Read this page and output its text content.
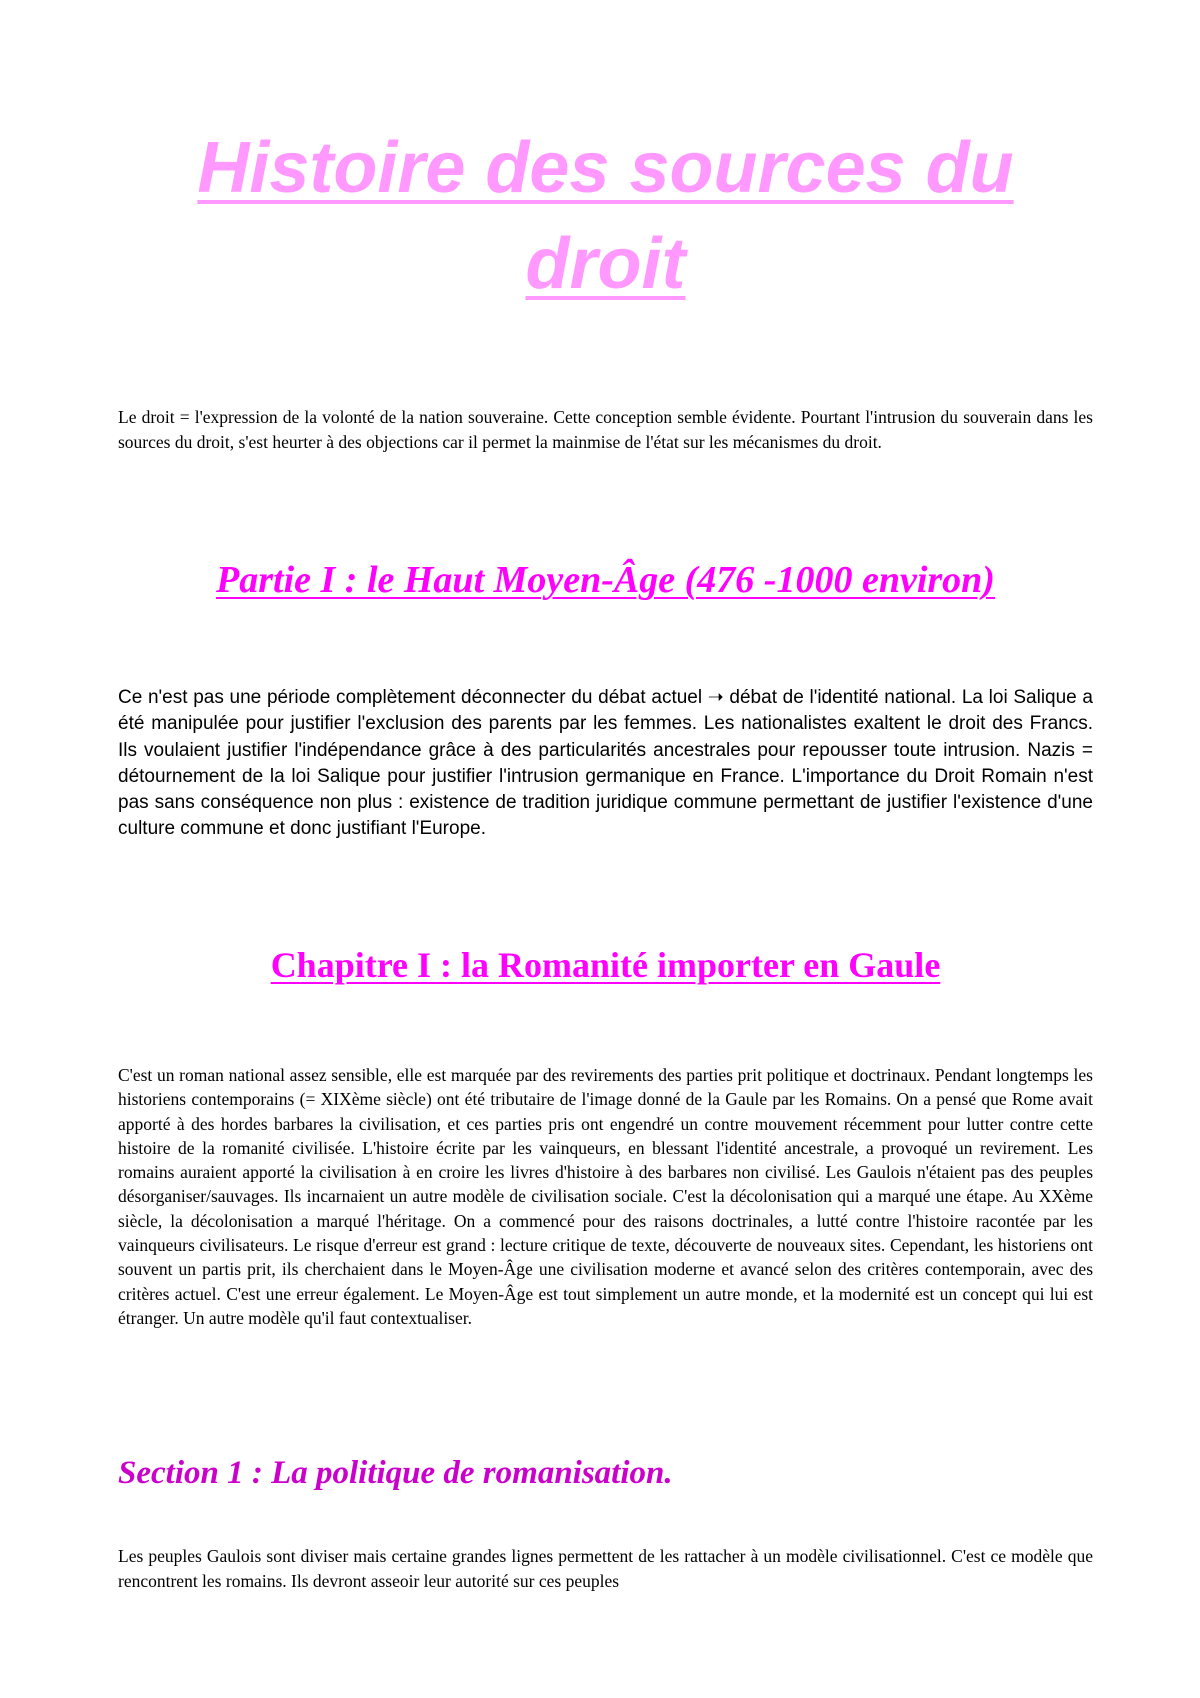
Histoire des sources du
droit

Le droit = l'expression de la volonté de la nation souveraine. Cette conception semble évidente. Pourtant l'intrusion du souverain dans les sources du droit, s'est heurter à des objections car il permet la mainmise de l'état sur les mécanismes du droit.

Partie I : le Haut Moyen-Âge (476 -1000 environ)

Ce n'est pas une période complètement déconnecter du débat actuel ➝ débat de l'identité national. La loi Salique a été manipulée pour justifier l'exclusion des parents par les femmes. Les nationalistes exaltent le droit des Francs. Ils voulaient justifier l'indépendance grâce à des particularités ancestrales pour repousser toute intrusion. Nazis = détournement de la loi Salique pour justifier l'intrusion germanique en France. L'importance du Droit Romain n'est pas sans conséquence non plus : existence de tradition juridique commune permettant de justifier l'existence d'une culture commune et donc justifiant l'Europe.

Chapitre I : la Romanité importer en Gaule

C'est un roman national assez sensible, elle est marquée par des revirements des parties prit politique et doctrinaux. Pendant longtemps les historiens contemporains (= XIXème siècle) ont été tributaire de l'image donné de la Gaule par les Romains. On a pensé que Rome avait apporté à des hordes barbares la civilisation, et ces parties pris ont engendré un contre mouvement récemment pour lutter contre cette histoire de la romanité civilisée. L'histoire écrite par les vainqueurs, en blessant l'identité ancestrale, a provoqué un revirement. Les romains auraient apporté la civilisation à en croire les livres d'histoire à des barbares non civilisé. Les Gaulois n'étaient pas des peuples désorganiser/sauvages. Ils incarnaient un autre modèle de civilisation sociale. C'est la décolonisation qui a marqué une étape. Au XXème siècle, la décolonisation a marqué l'héritage. On a commencé pour des raisons doctrinales, a lutté contre l'histoire racontée par les vainqueurs civilisateurs. Le risque d'erreur est grand : lecture critique de texte, découverte de nouveaux sites. Cependant, les historiens ont souvent un partis prit, ils cherchaient dans le Moyen-Âge une civilisation moderne et avancé selon des critères contemporain, avec des critères actuel. C'est une erreur également. Le Moyen-Âge est tout simplement un autre monde, et la modernité est un concept qui lui est étranger. Un autre modèle qu'il faut contextualiser.

Section 1 : La politique de romanisation.

Les peuples Gaulois sont diviser mais certaine grandes lignes permettent de les rattacher à un modèle civilisationnel. C'est ce modèle que rencontrent les romains. Ils devront asseoir leur autorité sur ces peuples
